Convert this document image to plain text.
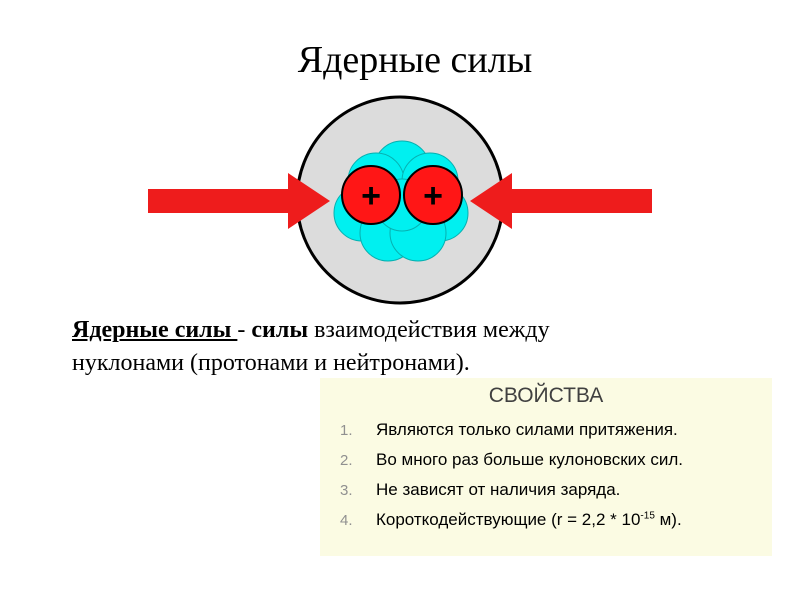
Ядерные силы
+ +
Ядерные силы - силы взаимодействия между
нуклонами (протонами и нейтронами).
СВОЙСТВА
1.	Являются только силами притяжения.
2.	Во много раз больше кулоновских сил.
3.	Не зависят от наличия заряда.
4.	Короткодействующие ($r = 2,2 * 10^{-15}$ м).
